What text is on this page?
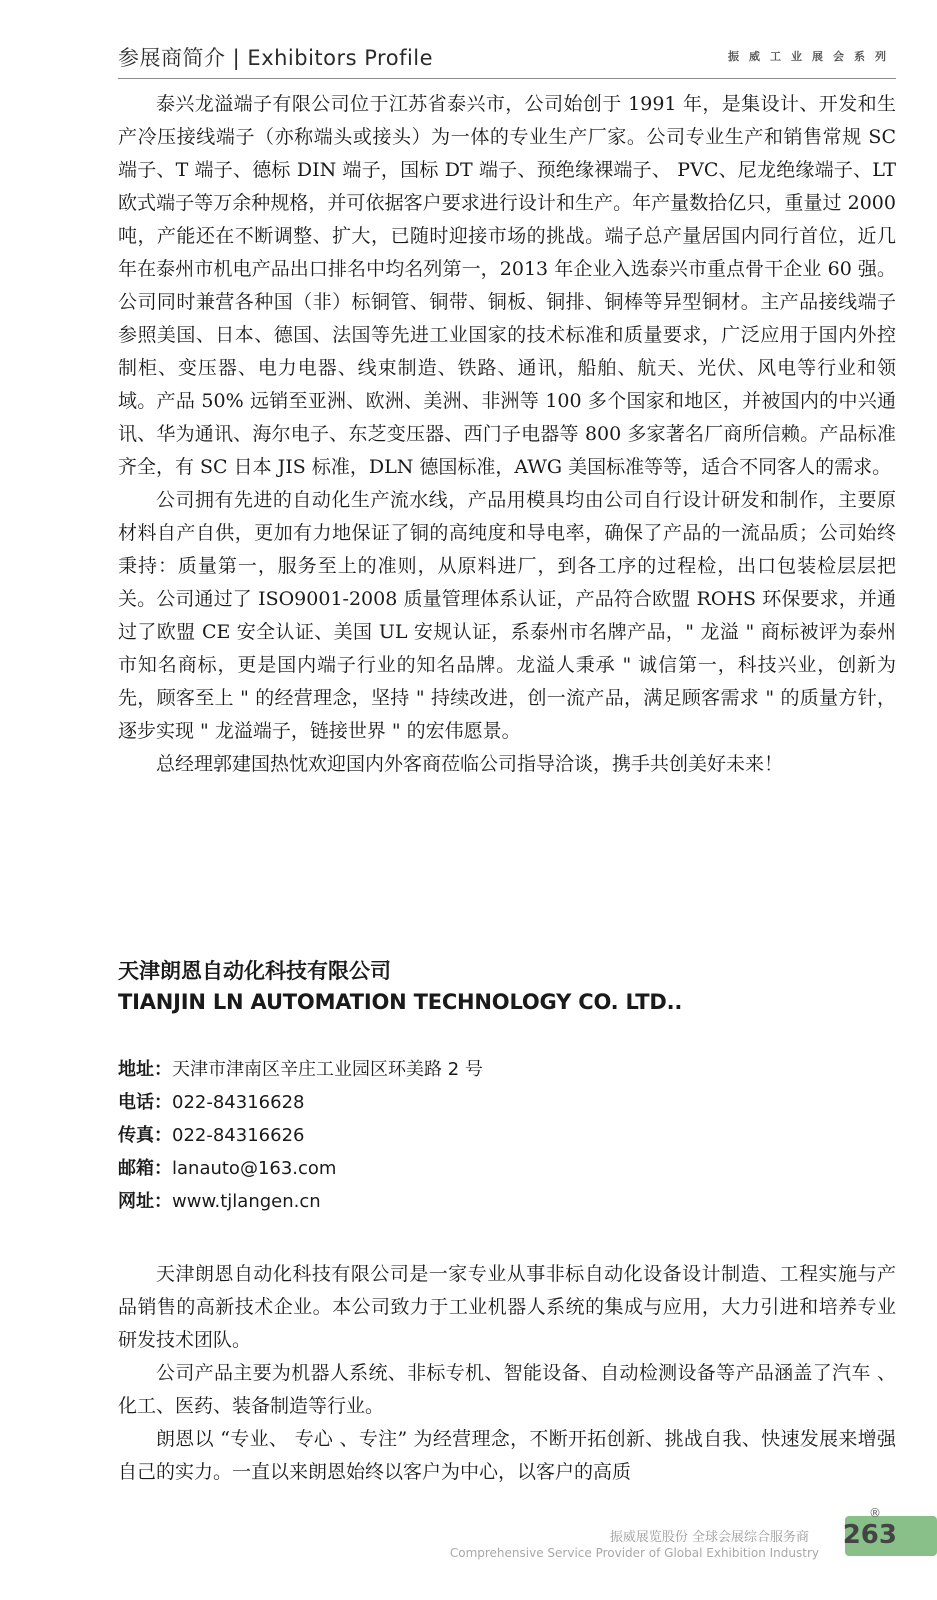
参展商简介 | Exhibitors Profile	振威工业展会系列

泰兴龙溢端子有限公司位于江苏省泰兴市，公司始创于 1991 年，是集设计、开发和生产冷压接线端子（亦称端头或接头）为一体的专业生产厂家。公司专业生产和销售常规 SC 端子、T 端子、德标 DIN 端子，国标 DT 端子、预绝缘裸端子、 PVC、尼龙绝缘端子、LT 欧式端子等万余种规格，并可依据客户要求进行设计和生产。年产量数拾亿只，重量过 2000 吨，产能还在不断调整、扩大，已随时迎接市场的挑战。端子总产量居国内同行首位，近几年在泰州市机电产品出口排名中均名列第一，2013 年企业入选泰兴市重点骨干企业 60 强。公司同时兼营各种国（非）标铜管、铜带、铜板、铜排、铜棒等异型铜材。主产品接线端子参照美国、日本、德国、法国等先进工业国家的技术标准和质量要求，广泛应用于国内外控制柜、变压器、电力电器、线束制造、铁路、通讯，船舶、航天、光伏、风电等行业和领域。产品 50% 远销至亚洲、欧洲、美洲、非洲等 100 多个国家和地区，并被国内的中兴通讯、华为通讯、海尔电子、东芝变压器、西门子电器等 800 多家著名厂商所信赖。产品标准齐全，有 SC 日本 JIS 标准，DLN 德国标准，AWG 美国标准等等，适合不同客人的需求。

公司拥有先进的自动化生产流水线，产品用模具均由公司自行设计研发和制作，主要原材料自产自供，更加有力地保证了铜的高纯度和导电率，确保了产品的一流品质；公司始终秉持：质量第一，服务至上的准则，从原料进厂，到各工序的过程检，出口包装检层层把关。公司通过了 ISO9001-2008 质量管理体系认证，产品符合欧盟 ROHS 环保要求，并通过了欧盟 CE 安全认证、美国 UL 安规认证，系泰州市名牌产品，" 龙溢 " 商标被评为泰州市知名商标，更是国内端子行业的知名品牌。龙溢人秉承 " 诚信第一，科技兴业，创新为先，顾客至上 " 的经营理念，坚持 " 持续改进，创一流产品，满足顾客需求 " 的质量方针，逐步实现 " 龙溢端子，链接世界 " 的宏伟愿景。

总经理郭建国热忱欢迎国内外客商莅临公司指导洽谈，携手共创美好未来！

天津朗恩自动化科技有限公司

TIANJIN LN AUTOMATION TECHNOLOGY CO. LTD..

地址：天津市津南区辛庄工业园区环美路 2 号
电话：022-84316628
传真：022-84316626
邮箱：lanauto@163.com
网址：www.tjlangen.cn

天津朗恩自动化科技有限公司是一家专业从事非标自动化设备设计制造、工程实施与产品销售的高新技术企业。本公司致力于工业机器人系统的集成与应用，大力引进和培养专业研发技术团队。

公司产品主要为机器人系统、非标专机、智能设备、自动检测设备等产品涵盖了汽车 、化工、医药、装备制造等行业。

朗恩以 “专业、 专心 、专注” 为经营理念，不断开拓创新、挑战自我、快速发展来增强自己的实力。一直以来朗恩始终以客户为中心，以客户的高质

振威展览股份 全球会展综合服务商
Comprehensive Service Provider of Global Exhibition Industry
®
263
